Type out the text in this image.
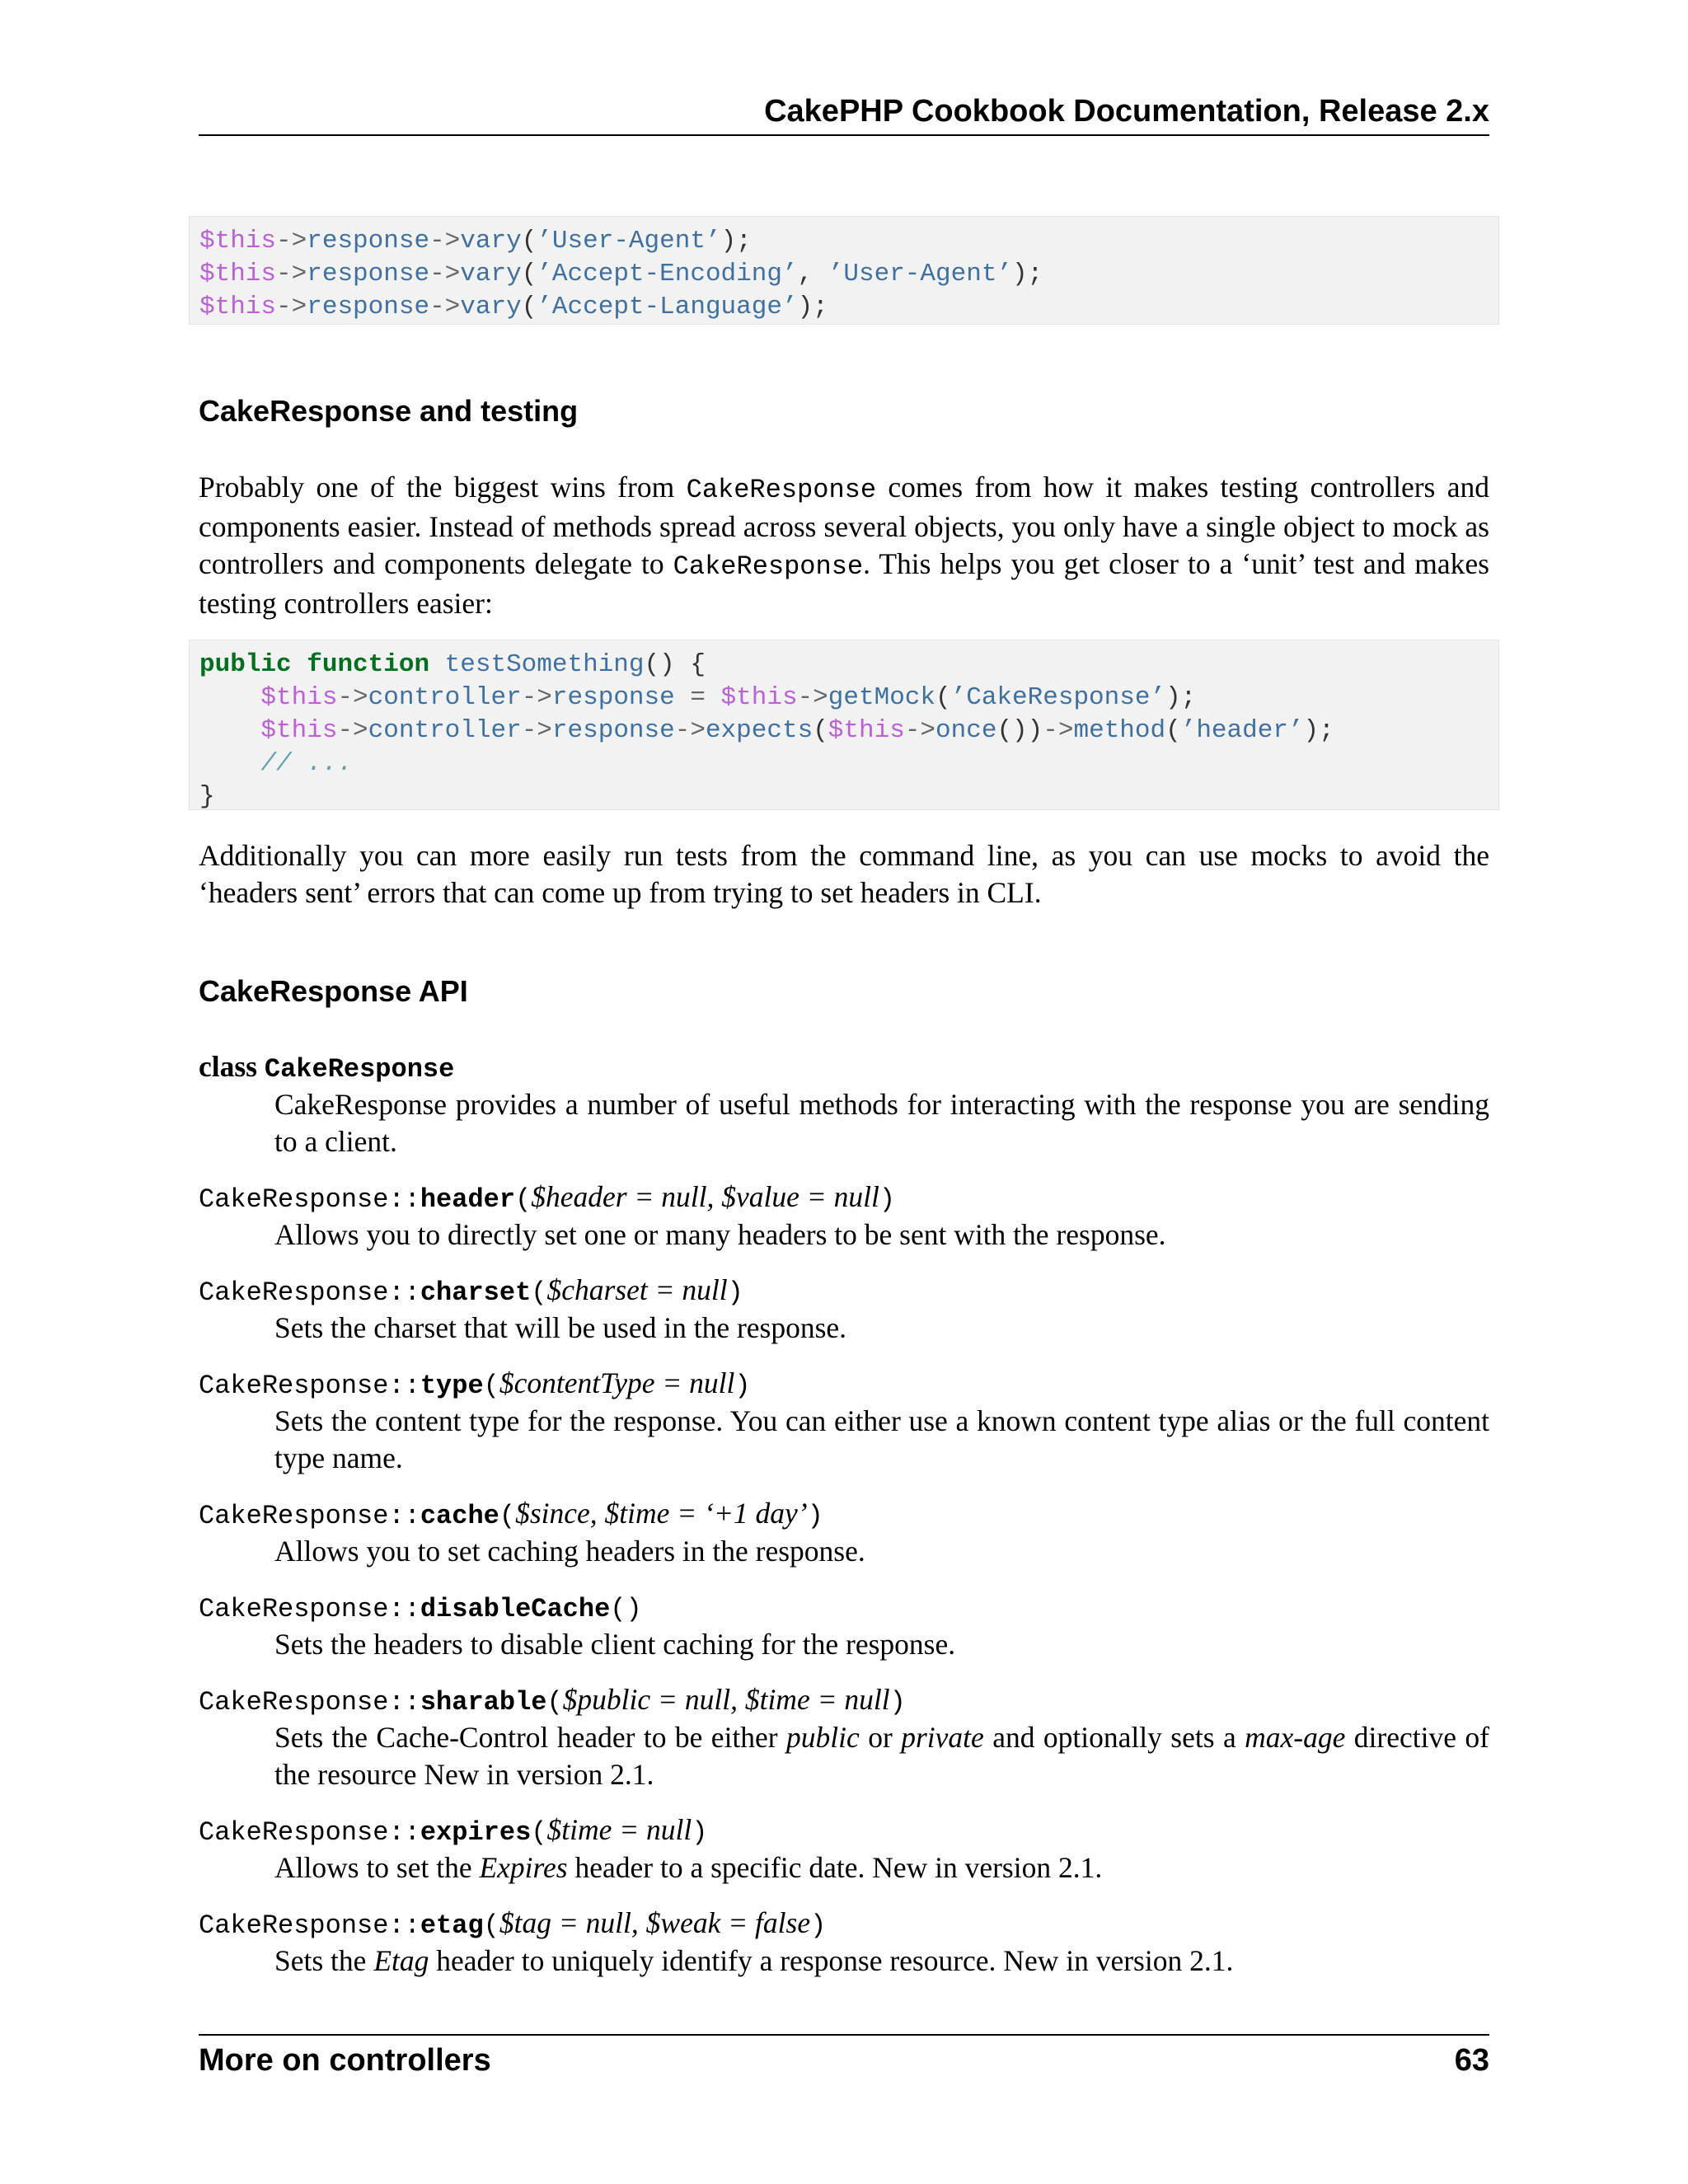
CakePHP Cookbook Documentation, Release 2.x
$this->response->vary(’User-Agent’);
$this->response->vary(’Accept-Encoding’, ’User-Agent’);
$this->response->vary(’Accept-Language’);
CakeResponse and testing
Probably one of the biggest wins from CakeResponse comes from how it makes testing controllers and components easier. Instead of methods spread across several objects, you only have a single object to mock as controllers and components delegate to CakeResponse. This helps you get closer to a ‘unit’ test and makes testing controllers easier:
public function testSomething() {
$this->controller->response = $this->getMock(’CakeResponse’);
$this->controller->response->expects($this->once())->method(’header’);
// ...
}
Additionally you can more easily run tests from the command line, as you can use mocks to avoid the ‘headers sent’ errors that can come up from trying to set headers in CLI.
CakeResponse API
class CakeResponse
CakeResponse provides a number of useful methods for interacting with the response you are sending to a client.
CakeResponse::header($header = null, $value = null)
Allows you to directly set one or many headers to be sent with the response.
CakeResponse::charset($charset = null)
Sets the charset that will be used in the response.
CakeResponse::type($contentType = null)
Sets the content type for the response. You can either use a known content type alias or the full content type name.
CakeResponse::cache($since, $time = ‘+1 day’)
Allows you to set caching headers in the response.
CakeResponse::disableCache()
Sets the headers to disable client caching for the response.
CakeResponse::sharable($public = null, $time = null)
Sets the Cache-Control header to be either public or private and optionally sets a max-age directive of the resource New in version 2.1.
CakeResponse::expires($time = null)
Allows to set the Expires header to a specific date. New in version 2.1.
CakeResponse::etag($tag = null, $weak = false)
Sets the Etag header to uniquely identify a response resource. New in version 2.1.
More on controllers	63
